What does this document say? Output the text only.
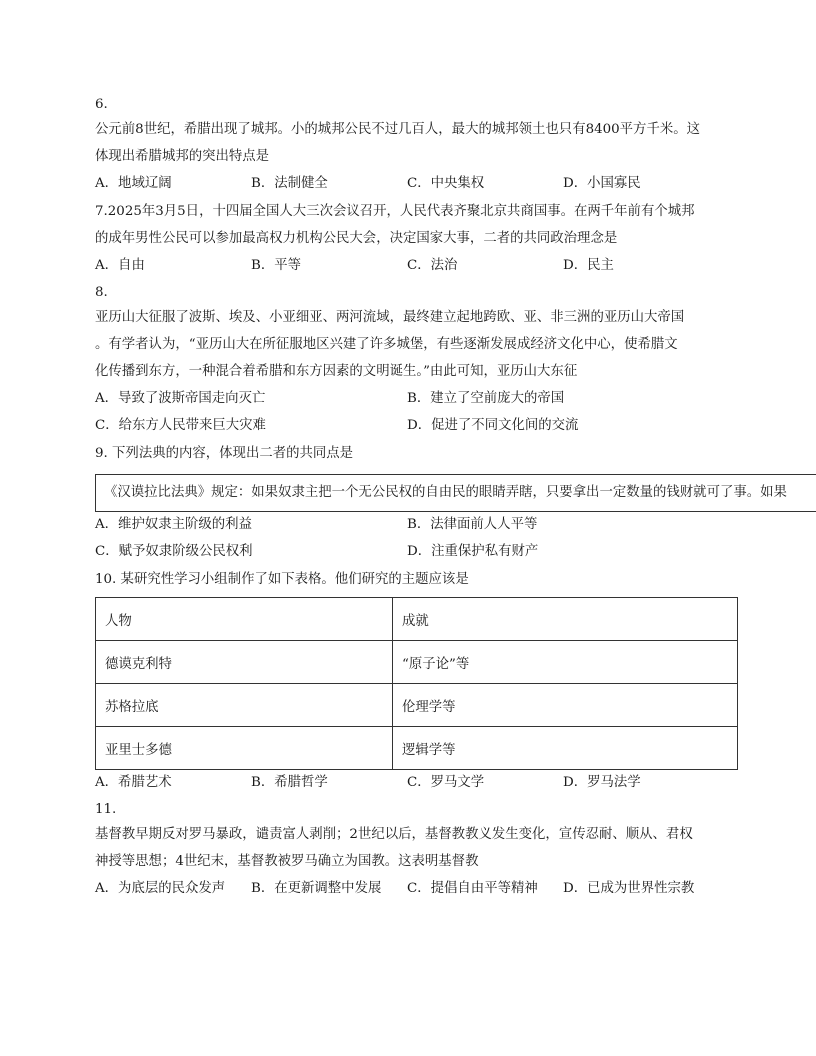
6.
公元前8世纪，希腊出现了城邦。小的城邦公民不过几百人，最大的城邦领土也只有8400平方千米。这
体现出希腊城邦的突出特点是
A．地域辽阔	B．法制健全	C．中央集权	D．小国寡民
7.2025年3月5日，十四届全国人大三次会议召开，人民代表齐聚北京共商国事。在两千年前有个城邦
的成年男性公民可以参加最高权力机构公民大会，决定国家大事，二者的共同政治理念是
A．自由	B．平等	C．法治	D．民主
8.
亚历山大征服了波斯、埃及、小亚细亚、两河流域，最终建立起地跨欧、亚、非三洲的亚历山大帝国
。有学者认为，“亚历山大在所征服地区兴建了许多城堡，有些逐渐发展成经济文化中心，使希腊文
化传播到东方，一种混合着希腊和东方因素的文明诞生。”由此可知，亚历山大东征
A．导致了波斯帝国走向灭亡	B．建立了空前庞大的帝国
C．给东方人民带来巨大灾难	D．促进了不同文化间的交流
9. 下列法典的内容，体现出二者的共同点是
《汉谟拉比法典》规定：如果奴隶主把一个无公民权的自由民的眼睛弄瞎，只要拿出一定数量的钱财就可了事。如果
A．维护奴隶主阶级的利益	B．法律面前人人平等
C．赋予奴隶阶级公民权利	D．注重保护私有财产
10. 某研究性学习小组制作了如下表格。他们研究的主题应该是
人物	成就
德谟克利特	“原子论”等
苏格拉底	伦理学等
亚里士多德	逻辑学等
A．希腊艺术	B．希腊哲学	C．罗马文学	D．罗马法学
11.
基督教早期反对罗马暴政，谴责富人剥削；2世纪以后，基督教教义发生变化，宣传忍耐、顺从、君权
神授等思想；4世纪末，基督教被罗马确立为国教。这表明基督教
A．为底层的民众发声 B．在更新调整中发展 C．提倡自由平等精神 D．已成为世界性宗教
